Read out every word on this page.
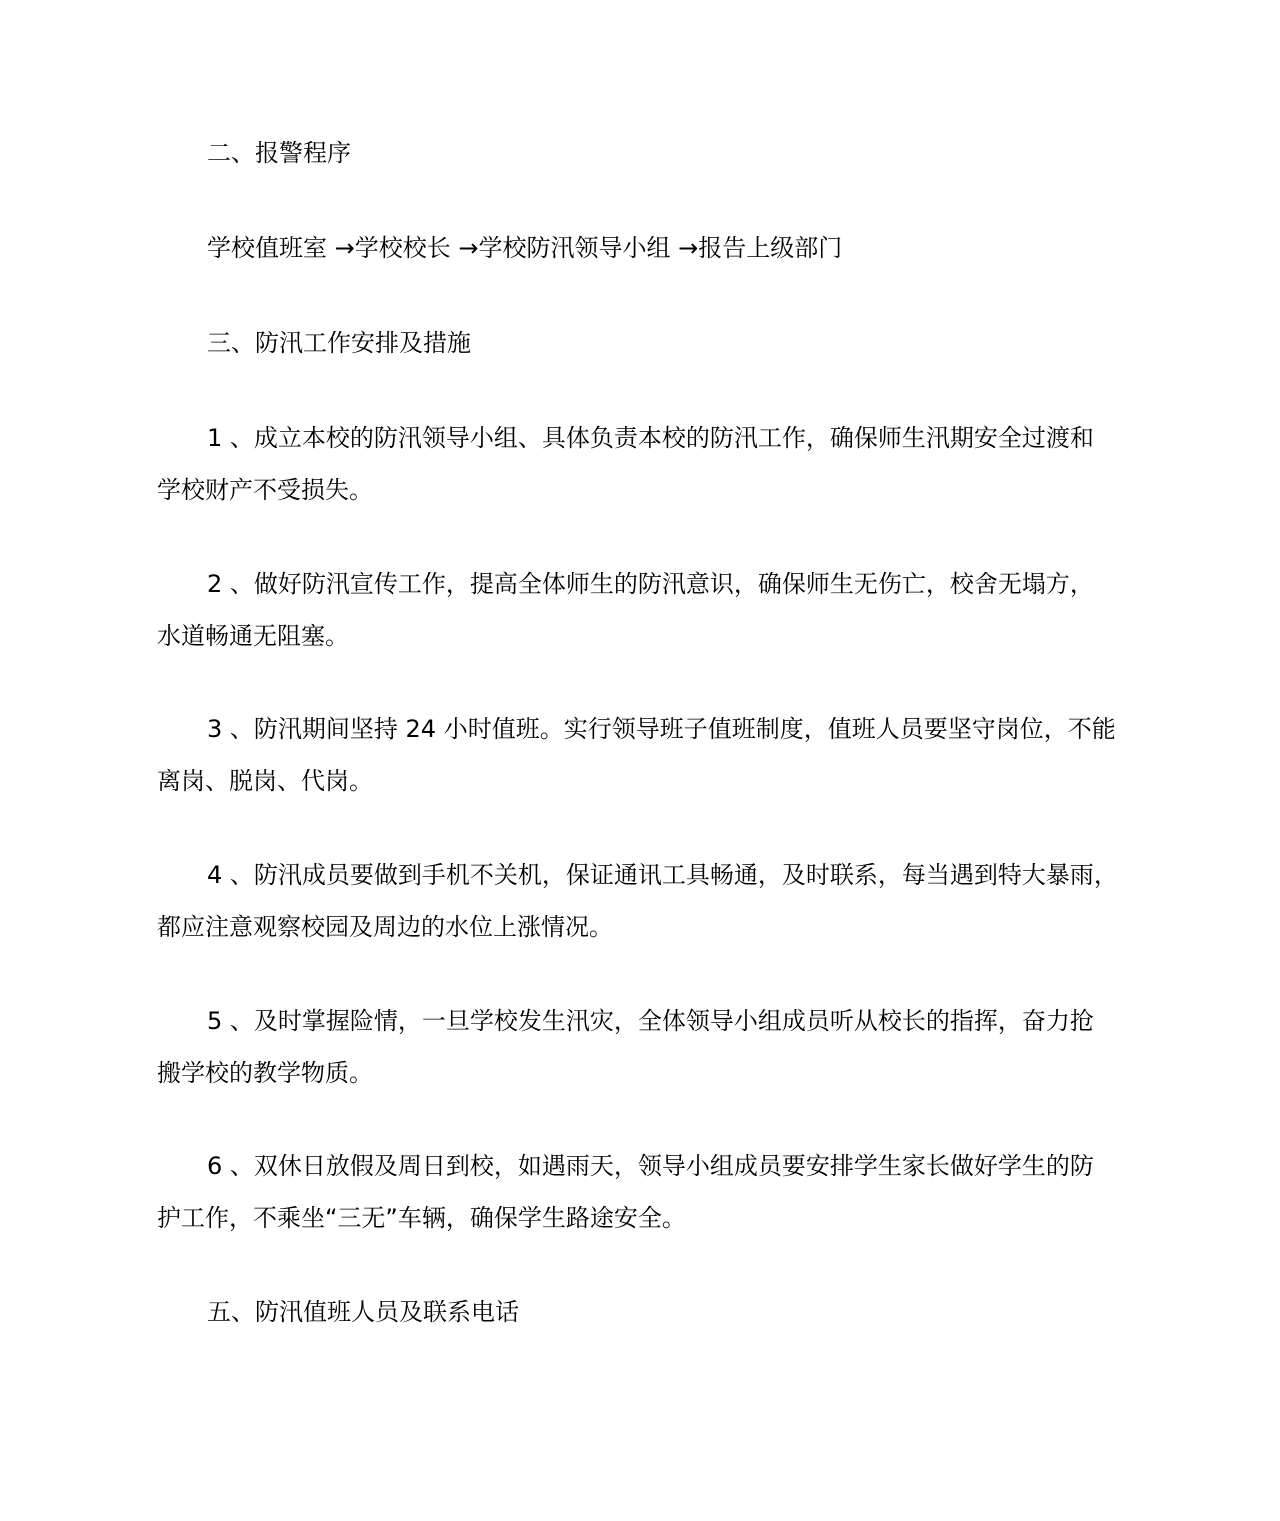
二、报警程序
学校值班室 →学校校长 →学校防汛领导小组 →报告上级部门
三、防汛工作安排及措施
1 、成立本校的防汛领导小组、具体负责本校的防汛工作，确保师生汛期安全过渡和
学校财产不受损失。
2 、做好防汛宣传工作，提高全体师生的防汛意识，确保师生无伤亡，校舍无塌方，
水道畅通无阻塞。
3 、防汛期间坚持 24 小时值班。实行领导班子值班制度，值班人员要坚守岗位，不能
离岗、脱岗、代岗。
4 、防汛成员要做到手机不关机，保证通讯工具畅通，及时联系，每当遇到特大暴雨，
都应注意观察校园及周边的水位上涨情况。
5 、及时掌握险情，一旦学校发生汛灾，全体领导小组成员听从校长的指挥，奋力抢
搬学校的教学物质。
6 、双休日放假及周日到校，如遇雨天，领导小组成员要安排学生家长做好学生的防
护工作，不乘坐“三无”车辆，确保学生路途安全。
五、防汛值班人员及联系电话
